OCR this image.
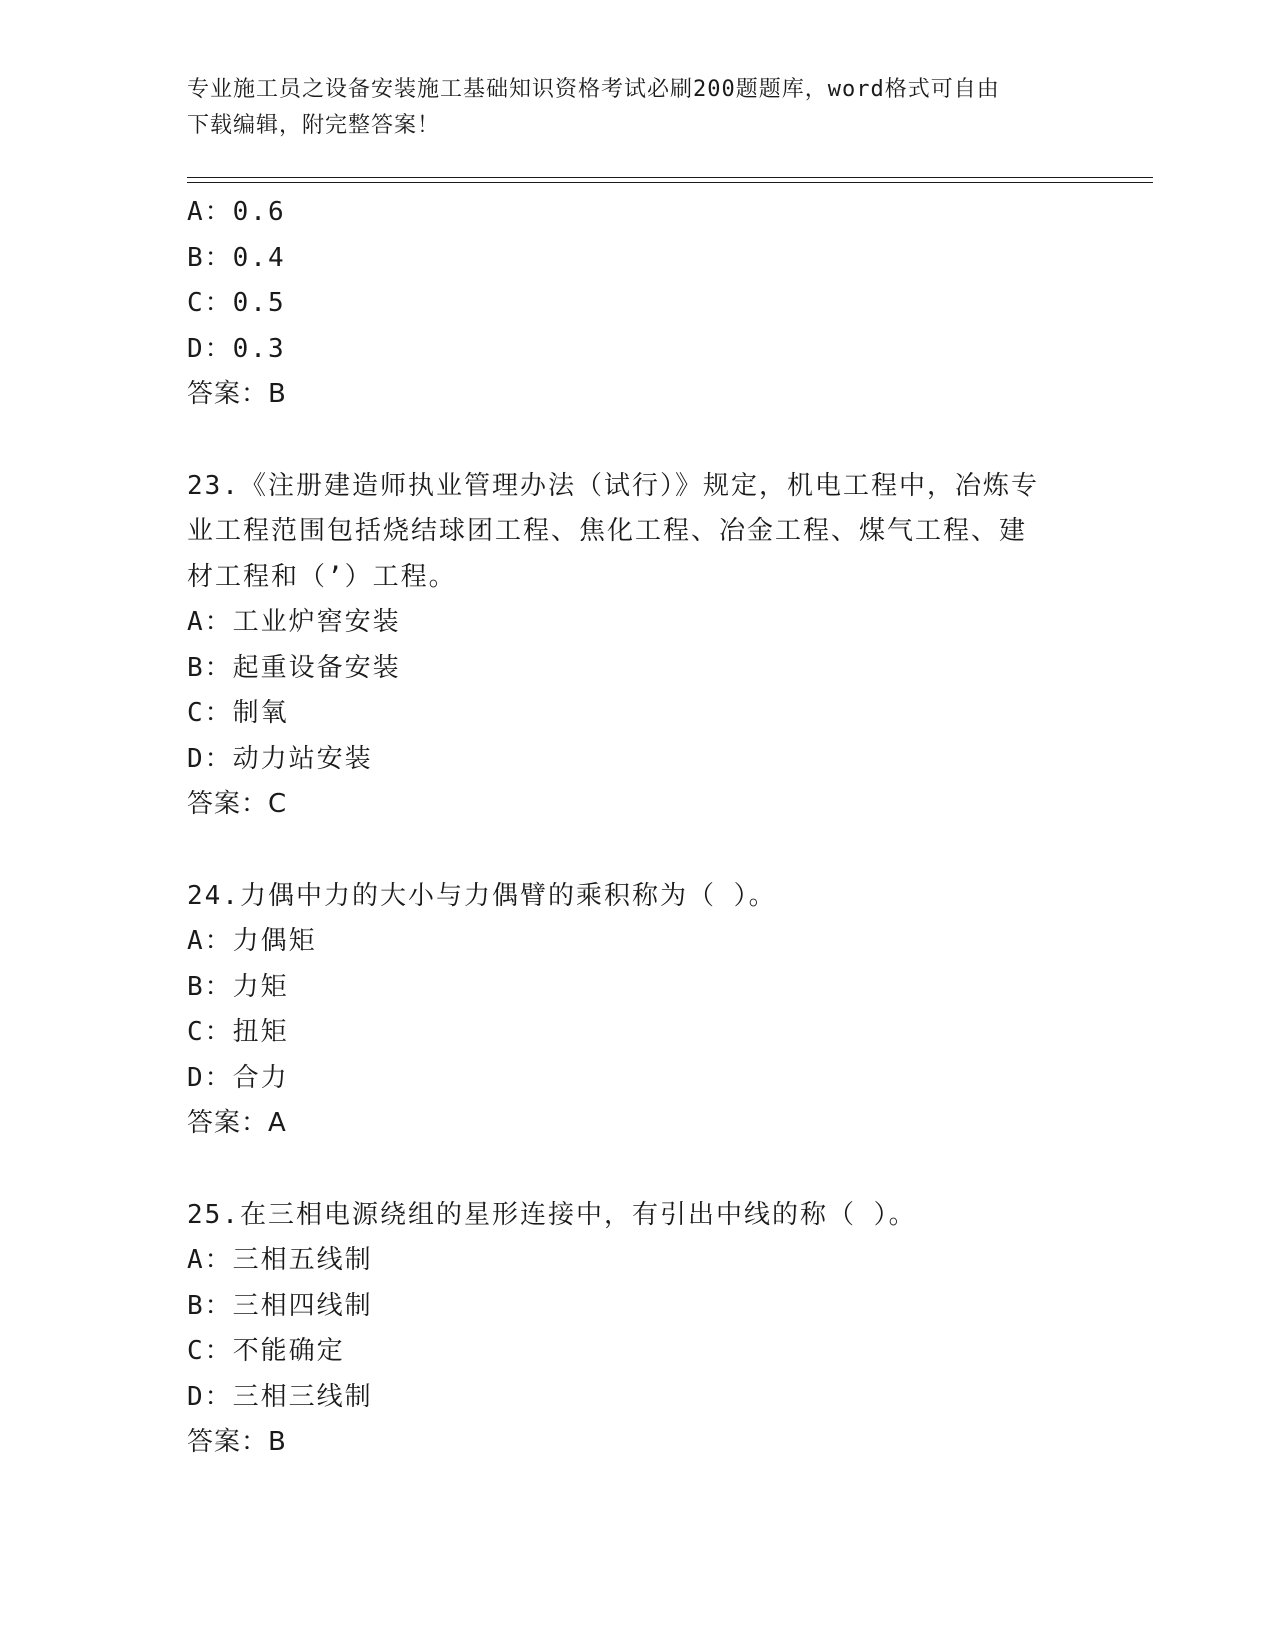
专业施工员之设备安装施工基础知识资格考试必刷200题题库，word格式可自由
下载编辑，附完整答案！
A：0.6
B：0.4
C：0.5
D：0.3
答案：B
23.《注册建造师执业管理办法（试行）》规定，机电工程中，冶炼专
业工程范围包括烧结球团工程、焦化工程、冶金工程、煤气工程、建
材工程和（’）工程。
A：工业炉窖安装
B：起重设备安装
C：制氧
D：动力站安装
答案：C
24.力偶中力的大小与力偶臂的乘积称为（ ）。
A：力偶矩
B：力矩
C：扭矩
D：合力
答案：A
25.在三相电源绕组的星形连接中，有引出中线的称（ ）。
A：三相五线制
B：三相四线制
C：不能确定
D：三相三线制
答案：B
